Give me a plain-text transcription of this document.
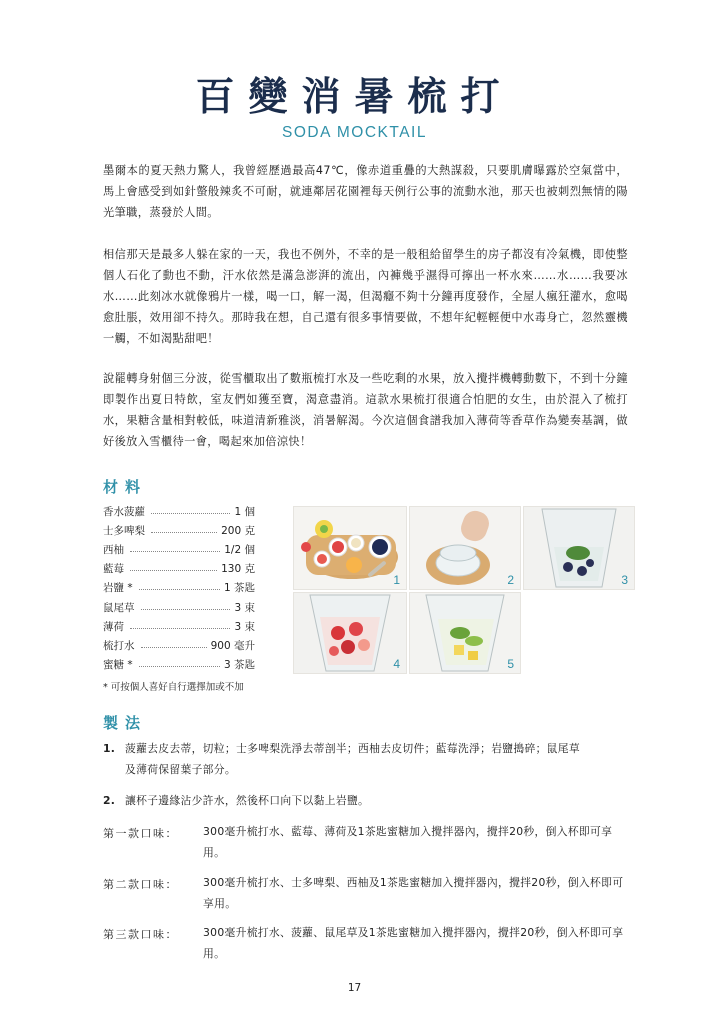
百變消暑梳打
SODA MOCKTAIL

墨爾本的夏天熱力驚人，我曾經歷過最高47℃，像赤道重疊的大熱謀殺，只要肌膚曝露於空氣當中，馬上會感受到如針螫般辣炙不可耐，就連鄰居花園裡每天例行公事的流動水池，那天也被刺烈無情的陽光筆職，蒸發於人間。

相信那天是最多人躲在家的一天，我也不例外，不幸的是一般租給留學生的房子都沒有冷氣機，即使整個人石化了動也不動，汗水依然是滿急澎湃的流出，內褲幾乎濕得可擰出一杯水來……水……我要冰水……此刻冰水就像鴉片一樣，喝一口，解一渴，但渴癮不夠十分鐘再度發作，全屋人瘋狂灌水，愈喝愈肚脹，效用卻不持久。那時我在想，自己還有很多事情要做，不想年紀輕輕便中水毒身亡，忽然靈機一觸，不如渴點甜吧！

說罷轉身射個三分波，從雪櫃取出了數瓶梳打水及一些吃剩的水果，放入攪拌機轉動數下，不到十分鐘即製作出夏日特飲，室友們如獲至寶，渴意盡消。這款水果梳打很適合怕肥的女生，由於混入了梳打水，果糖含量相對較低，味道清新雅淡，消暑解渴。今次這個食譜我加入薄荷等香草作為變奏基調，做好後放入雪櫃待一會，喝起來加倍涼快！

材料
香水菠蘿	1 個
士多啤梨	200 克
西柚	1/2 個
藍莓	130 克
岩鹽 *	1 茶匙
鼠尾草	3 束
薄荷	3 束
梳打水	900 毫升
蜜糖 *	3 茶匙
* 可按個人喜好自行選擇加或不加
1	2	3
4	5
製法
1. 菠蘿去皮去蒂，切粒；士多啤梨洗淨去蒂剖半；西柚去皮切件；藍莓洗淨；岩鹽搗碎；鼠尾草
及薄荷保留葉子部分。
2. 讓杯子邊緣沾少許水，然後杯口向下以黏上岩鹽。
第一款口味： 300毫升梳打水、藍莓、薄荷及1茶匙蜜糖加入攪拌器內，攪拌20秒，倒入杯即可享用。
第二款口味： 300毫升梳打水、士多啤梨、西柚及1茶匙蜜糖加入攪拌器內，攪拌20秒，倒入杯即可享用。
第三款口味： 300毫升梳打水、菠蘿、鼠尾草及1茶匙蜜糖加入攪拌器內，攪拌20秒，倒入杯即可享用。
17
